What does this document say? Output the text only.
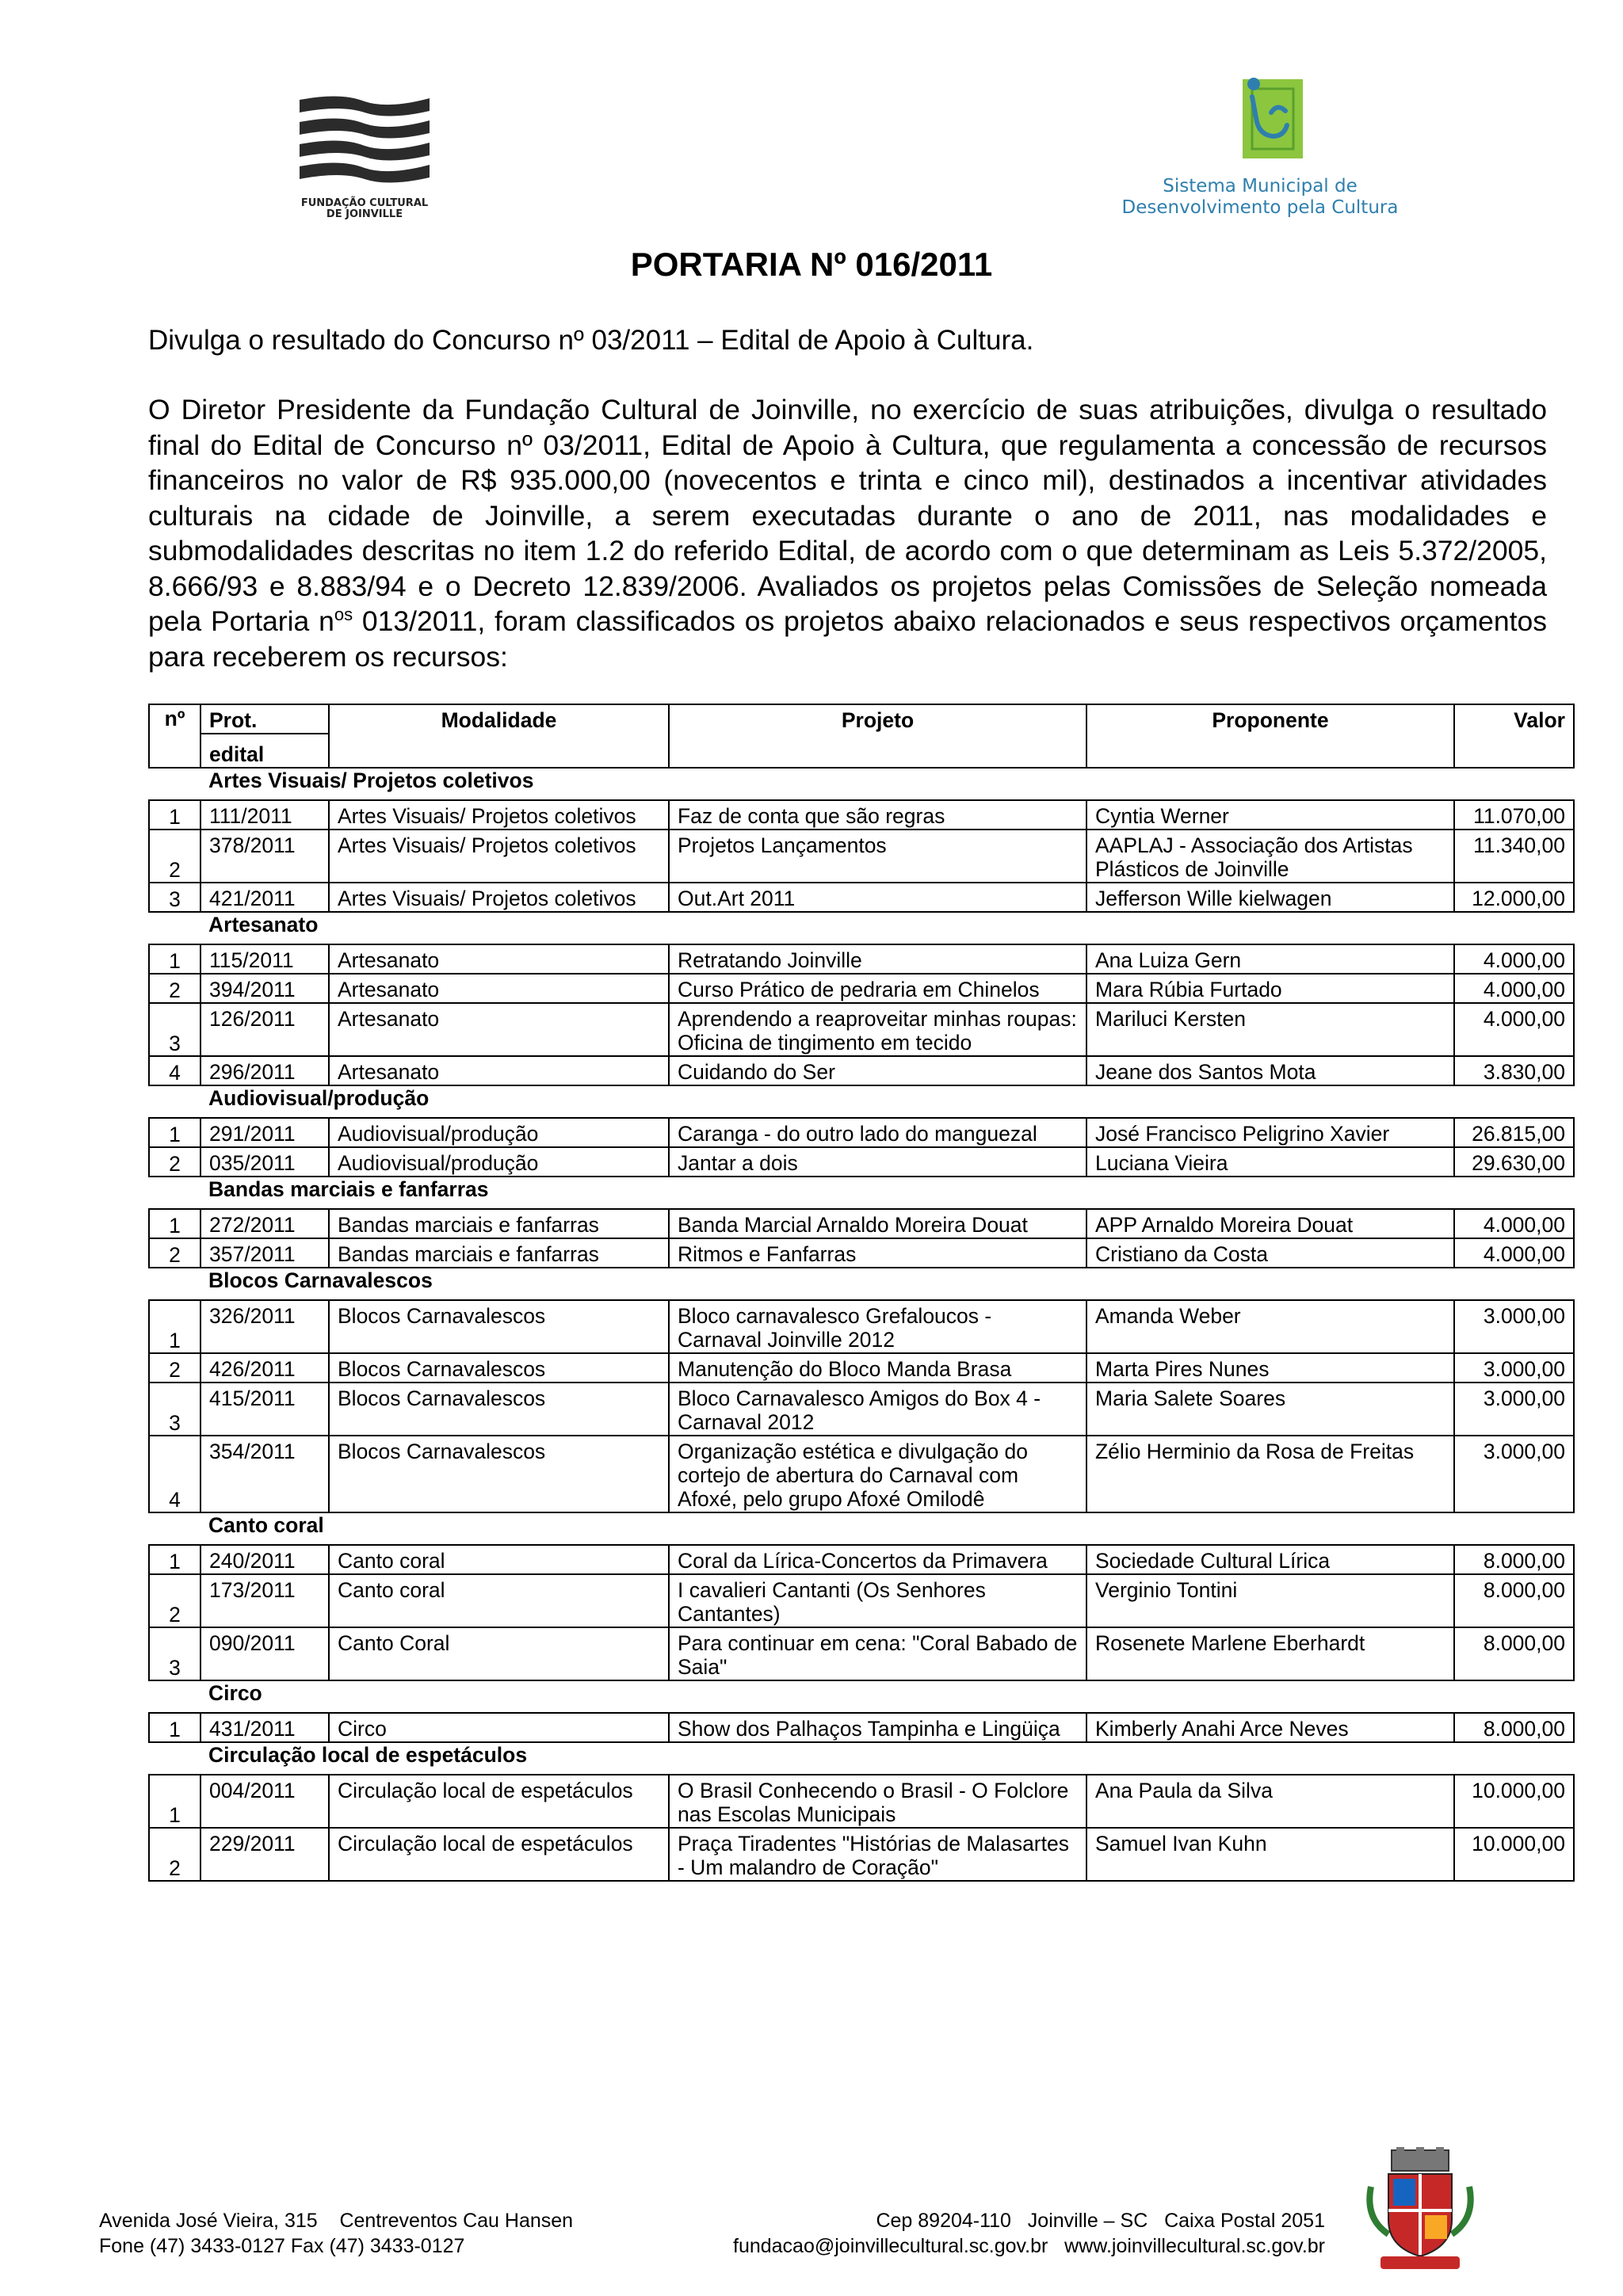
FUNDAÇÃO CULTURAL DE JOINVILLE
Sistema Municipal de
Desenvolvimento pela Cultura
PORTARIA Nº 016/2011
Divulga o resultado do Concurso nº 03/2011 – Edital de Apoio à Cultura.
O Diretor Presidente da Fundação Cultural de Joinville, no exercício de suas atribuições, divulga o resultado final do Edital de Concurso nº 03/2011, Edital de Apoio à Cultura, que regulamenta a concessão de recursos financeiros no valor de R$ 935.000,00 (novecentos e trinta e cinco mil), destinados a incentivar atividades culturais na cidade de Joinville, a serem executadas durante o ano de 2011, nas modalidades e submodalidades descritas no item 1.2 do referido Edital, de acordo com o que determinam as Leis 5.372/2005, 8.666/93 e 8.883/94 e o Decreto 12.839/2006. Avaliados os projetos pelas Comissões de Seleção nomeada pela Portaria $n^{os}$ 013/2011, foram classificados os projetos abaixo relacionados e seus respectivos orçamentos para receberem os recursos:
nº	Prot.	Modalidade	Projeto	Proponente	Valor
	edital				
	Artes Visuais/ Projetos coletivos				

1	111/2011	Artes Visuais/ Projetos coletivos	Faz de conta que são regras	Cyntia Werner	11.070,00
2	378/2011	Artes Visuais/ Projetos coletivos	Projetos Lançamentos	AAPLAJ - Associação dos Artistas Plásticos de Joinville	11.340,00
3	421/2011	Artes Visuais/ Projetos coletivos	Out.Art 2011	Jefferson Wille kielwagen	12.000,00
	Artesanato				

1	115/2011	Artesanato	Retratando Joinville	Ana Luiza Gern	4.000,00
2	394/2011	Artesanato	Curso Prático de pedraria em Chinelos	Mara Rúbia Furtado	4.000,00
3	126/2011	Artesanato	Aprendendo a reaproveitar minhas roupas: Oficina de tingimento em tecido	Mariluci Kersten	4.000,00
4	296/2011	Artesanato	Cuidando do Ser	Jeane dos Santos Mota	3.830,00
	Audiovisual/produção				

1	291/2011	Audiovisual/produção	Caranga - do outro lado do manguezal	José Francisco Peligrino Xavier	26.815,00
2	035/2011	Audiovisual/produção	Jantar a dois	Luciana Vieira	29.630,00
	Bandas marciais e fanfarras				

1	272/2011	Bandas marciais e fanfarras	Banda Marcial Arnaldo Moreira Douat	APP Arnaldo Moreira Douat	4.000,00
2	357/2011	Bandas marciais e fanfarras	Ritmos e Fanfarras	Cristiano da Costa	4.000,00
	Blocos Carnavalescos				

1	326/2011	Blocos Carnavalescos	Bloco carnavalesco Grefaloucos - Carnaval Joinville 2012	Amanda Weber	3.000,00
2	426/2011	Blocos Carnavalescos	Manutenção do Bloco Manda Brasa	Marta Pires Nunes	3.000,00
3	415/2011	Blocos Carnavalescos	Bloco Carnavalesco Amigos do Box 4 - Carnaval 2012	Maria Salete Soares	3.000,00
4	354/2011	Blocos Carnavalescos	Organização estética e divulgação do cortejo de abertura do Carnaval com Afoxé, pelo grupo Afoxé Omilodê	Zélio Herminio da Rosa de Freitas	3.000,00
	Canto coral				

1	240/2011	Canto coral	Coral da Lírica-Concertos da Primavera	Sociedade Cultural Lírica	8.000,00
2	173/2011	Canto coral	I cavalieri Cantanti (Os Senhores Cantantes)	Verginio Tontini	8.000,00
3	090/2011	Canto Coral	Para continuar em cena: "Coral Babado de Saia"	Rosenete Marlene Eberhardt	8.000,00
	Circo				

1	431/2011	Circo	Show dos Palhaços Tampinha e Lingüiça	Kimberly Anahi Arce Neves	8.000,00
	Circulação local de espetáculos				

1	004/2011	Circulação local de espetáculos	O Brasil Conhecendo o Brasil - O Folclore nas Escolas Municipais	Ana Paula da Silva	10.000,00
2	229/2011	Circulação local de espetáculos	Praça Tiradentes "Histórias de Malasartes - Um malandro de Coração"	Samuel Ivan Kuhn	10.000,00
Avenida José Vieira, 315    Centreventos Cau Hansen
Fone (47) 3433-0127 Fax (47) 3433-0127
Cep 89204-110   Joinville – SC   Caixa Postal 2051
fundacao@joinvillecultural.sc.gov.br   www.joinvillecultural.sc.gov.br
